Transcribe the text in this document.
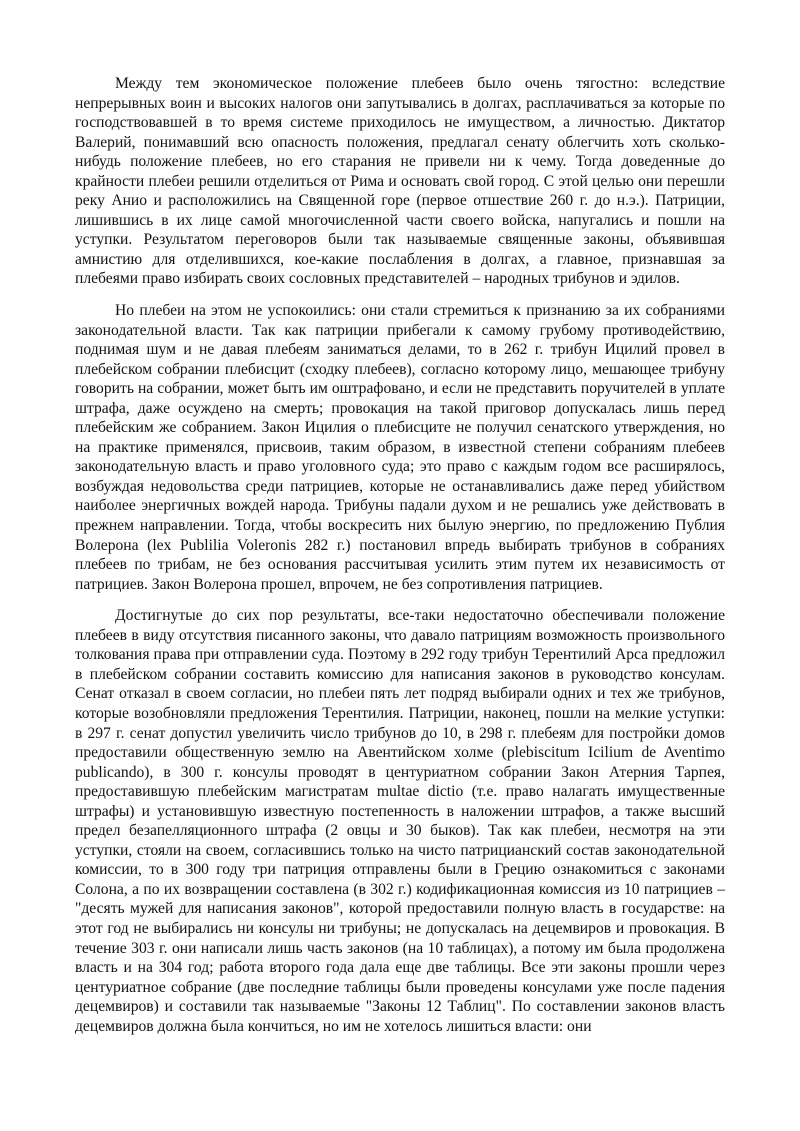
Между тем экономическое положение плебеев было очень тягостно: вследствие непрерывных воин и высоких налогов они запутывались в долгах, расплачиваться за которые по господствовавшей в то время системе приходилось не имуществом, а личностью. Диктатор Валерий, понимавший всю опасность положения, предлагал сенату облегчить хоть сколько-нибудь положение плебеев, но его старания не привели ни к чему. Тогда доведенные до крайности плебеи решили отделиться от Рима и основать свой город. С этой целью они перешли реку Анио и расположились на Священной горе (первое отшествие 260 г. до н.э.). Патриции, лишившись в их лице самой многочисленной части своего войска, напугались и пошли на уступки. Результатом переговоров были так называемые священные законы, объявившая амнистию для отделившихся, кое-какие послабления в долгах, а главное, признавшая за плебеями право избирать своих сословных представителей – народных трибунов и эдилов.

Но плебеи на этом не успокоились: они стали стремиться к признанию за их собраниями законодательной власти. Так как патриции прибегали к самому грубому противодействию, поднимая шум и не давая плебеям заниматься делами, то в 262 г. трибун Ицилий провел в плебейском собрании плебисцит (сходку плебеев), согласно которому лицо, мешающее трибуну говорить на собрании, может быть им оштрафовано, и если не представить поручителей в уплате штрафа, даже осуждено на смерть; провокация на такой приговор допускалась лишь перед плебейским же собранием. Закон Ицилия о плебисците не получил сенатского утверждения, но на практике применялся, присвоив, таким образом, в известной степени собраниям плебеев законодательную власть и право уголовного суда; это право с каждым годом все расширялось, возбуждая недовольства среди патрициев, которые не останавливались даже перед убийством наиболее энергичных вождей народа. Трибуны падали духом и не решались уже действовать в прежнем направлении. Тогда, чтобы воскресить них былую энергию, по предложению Публия Волерона (lex Publilia Voleronis 282 г.) постановил впредь выбирать трибунов в собраниях плебеев по трибам, не без основания рассчитывая усилить этим путем их независимость от патрициев. Закон Волерона прошел, впрочем, не без сопротивления патрициев.

Достигнутые до сих пор результаты, все-таки недостаточно обеспечивали положение плебеев в виду отсутствия писанного законы, что давало патрициям возможность произвольного толкования права при отправлении суда. Поэтому в 292 году трибун Терентилий Арса предложил в плебейском собрании составить комиссию для написания законов в руководство консулам. Сенат отказал в своем согласии, но плебеи пять лет подряд выбирали одних и тех же трибунов, которые возобновляли предложения Терентилия. Патриции, наконец, пошли на мелкие уступки: в 297 г. сенат допустил увеличить число трибунов до 10, в 298 г. плебеям для постройки домов предоставили общественную землю на Авентийском холме (plebiscitum Icilium de Aventimo publicando), в 300 г. консулы проводят в центуриатном собрании Закон Атерния Тарпея, предоставившую плебейским магистратам multae dictio (т.е. право налагать имущественные штрафы) и установившую известную постепенность в наложении штрафов, а также высший предел безапелляционного штрафа (2 овцы и 30 быков). Так как плебеи, несмотря на эти уступки, стояли на своем, согласившись только на чисто патрицианский состав законодательной комиссии, то в 300 году три патриция отправлены были в Грецию ознакомиться с законами Солона, а по их возвращении составлена (в 302 г.) кодификационная комиссия из 10 патрициев – "десять мужей для написания законов", которой предоставили полную власть в государстве: на этот год не выбирались ни консулы ни трибуны; не допускалась на децемвиров и провокация. В течение 303 г. они написали лишь часть законов (на 10 таблицах), а потому им была продолжена власть и на 304 год; работа второго года дала еще две таблицы. Все эти законы прошли через центуриатное собрание (две последние таблицы были проведены консулами уже после падения децемвиров) и составили так называемые "Законы 12 Таблиц". По составлении законов власть децемвиров должна была кончиться, но им не хотелось лишиться власти: они
